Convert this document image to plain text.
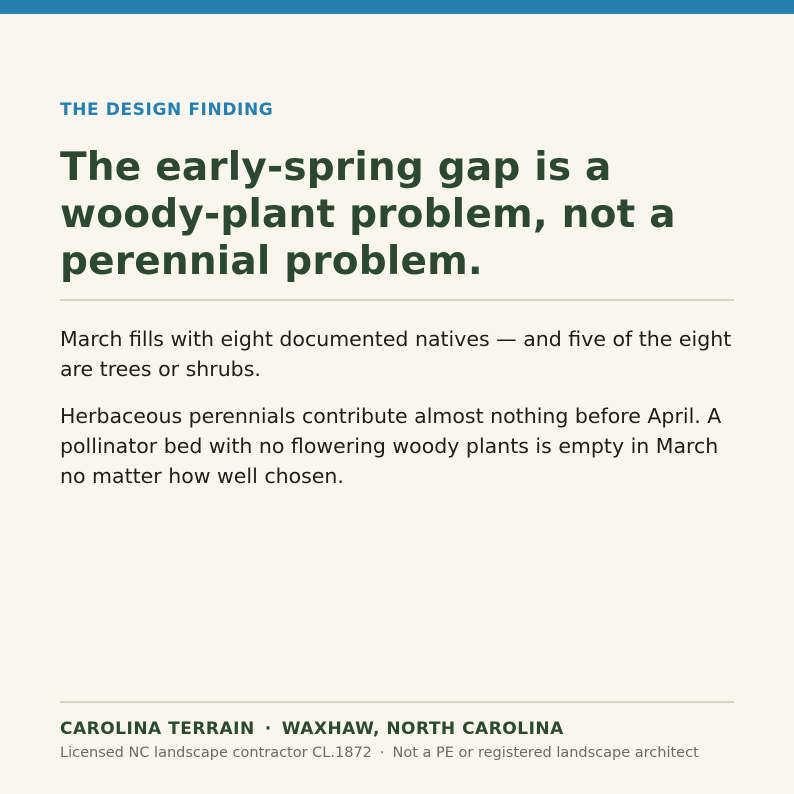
THE DESIGN FINDING
The early-spring gap is a woody-plant problem, not a perennial problem.

March fills with eight documented natives — and five of the eight are trees or shrubs.

Herbaceous perennials contribute almost nothing before April. A pollinator bed with no flowering woody plants is empty in March no matter how well chosen.

CAROLINA TERRAIN · WAXHAW, NORTH CAROLINA
Licensed NC landscape contractor CL.1872 · Not a PE or registered landscape architect
